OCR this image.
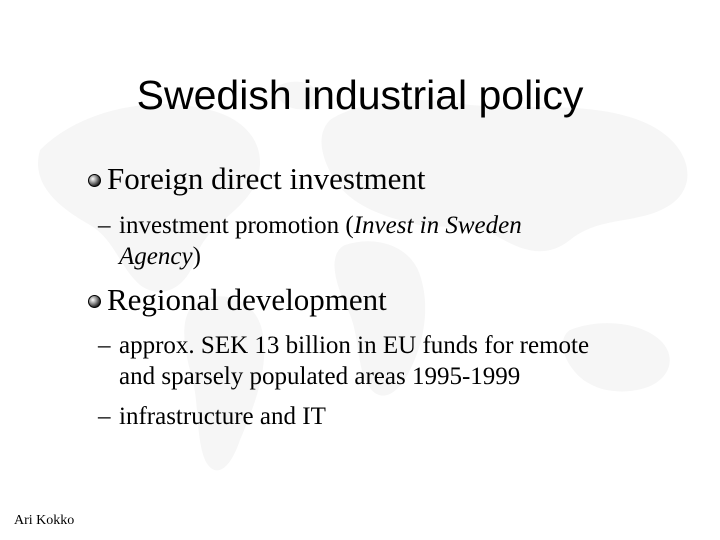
Swedish industrial policy
Foreign direct investment
– investment promotion (Invest in Sweden
Agency)
Regional development
– approx. SEK 13 billion in EU funds for remote
and sparsely populated areas 1995-1999
– infrastructure and IT
Ari Kokko
